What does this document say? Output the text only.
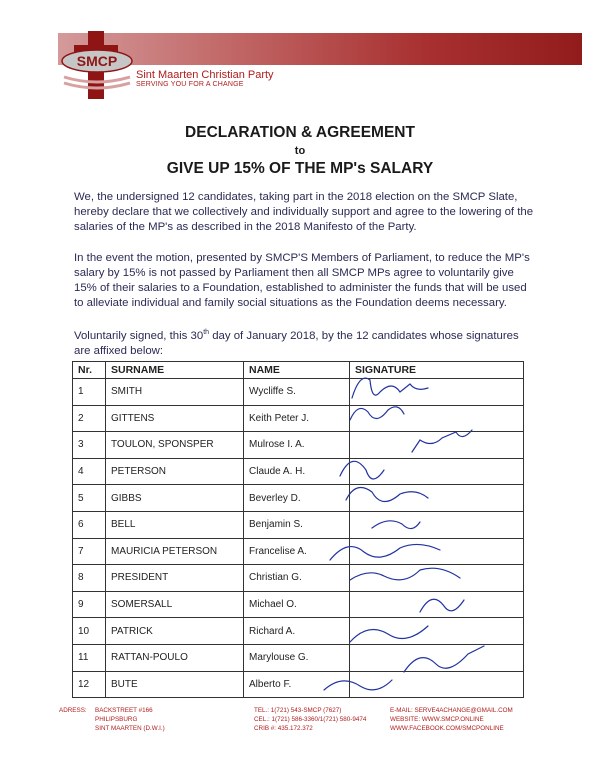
SMCP
Sint Maarten Christian Party
SERVING YOU FOR A CHANGE
DECLARATION & AGREEMENT
to
GIVE UP 15% OF THE MP's SALARY
We, the undersigned 12 candidates, taking part in the 2018 election on the SMCP Slate, hereby declare that we collectively and individually support and agree to the lowering of the salaries of the MP's as described in the 2018 Manifesto of the Party.
In the event the motion, presented by SMCP'S Members of Parliament, to reduce the MP's salary by 15% is not passed by Parliament then all SMCP MPs agree to voluntarily give 15% of their salaries to a Foundation, established to administer the funds that will be used to alleviate individual and family social situations as the Foundation deems necessary.
Voluntarily signed, this 30th day of January 2018, by the 12 candidates whose signatures are affixed below:
Nr.	SURNAME	NAME	SIGNATURE
1	SMITH	Wycliffe S.	
2	GITTENS	Keith Peter J.	
3	TOULON, SPONSPER	Mulrose I. A.	
4	PETERSON	Claude A. H.	
5	GIBBS	Beverley D.	
6	BELL	Benjamin S.	
7	MAURICIA PETERSON	Francelise A.	
8	PRESIDENT	Christian G.	
9	SOMERSALL	Michael O.	
10	PATRICK	Richard A.	
11	RATTAN-POULO	Marylouse G.	
12	BUTE	Alberto F.	
ADRESS: BACKSTREET #166
PHILIPSBURG
SINT MAARTEN (D.W.I.)
TEL.: 1(721) 543-SMCP (7627)
CEL.: 1(721) 586-3360/1(721) 580-9474
CRIB #: 435.172.372
E-MAIL: SERVE4ACHANGE@GMAIL.COM
WEBSITE: WWW.SMCP.ONLINE
WWW.FACEBOOK.COM/SMCPONLINE
